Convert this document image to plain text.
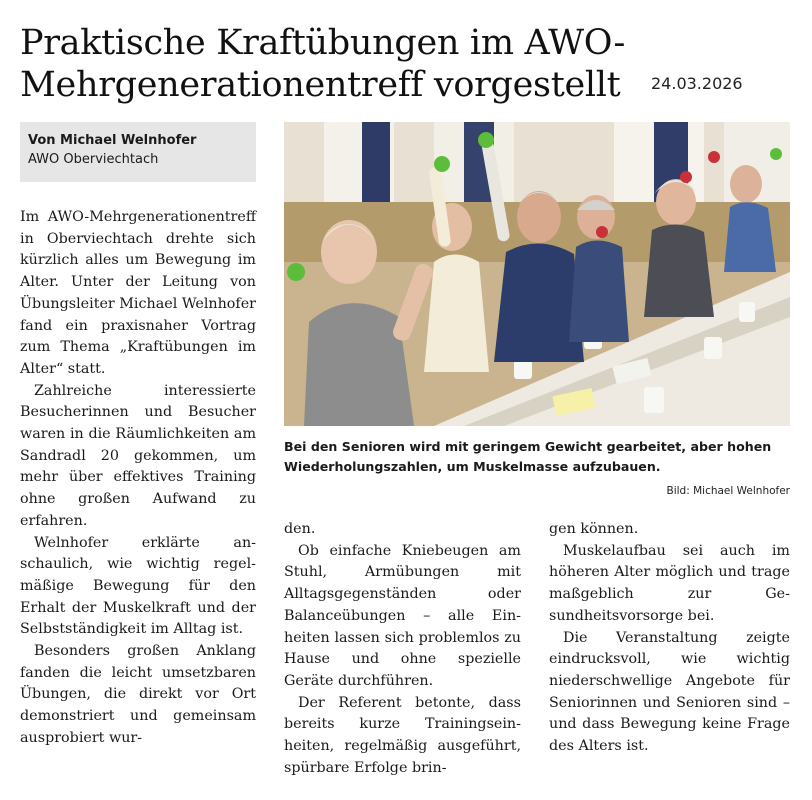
Praktische Kraftübungen im AWO-Mehrgenerationentreff vorgestellt	24.03.2026
Von Michael Welnhofer
AWO Oberviechtach

Im AWO-Mehrgenerationentreff in Oberviechtach drehte sich kürzlich alles um Bewegung im Alter. Unter der Leitung von Übungsleiter Michael Welnhofer fand ein praxisnaher Vortrag zum Thema „Kraftübungen im Alter“ statt.

Zahlreiche interessierte Besucherinnen und Besucher waren in die Räumlichkeiten am Sandradl 20 gekommen, um mehr über effektives Training ohne großen Aufwand zu erfahren.

Welnhofer erklärte anschaulich, wie wichtig regelmäßige Bewegung für den Erhalt der Muskelkraft und der Selbstständigkeit im Alltag ist.

Besonders großen Anklang fanden die leicht umsetzbaren Übungen, die direkt vor Ort demonstriert und gemeinsam ausprobiert wur-

Bei den Senioren wird mit geringem Gewicht gearbeitet, aber hohen Wiederholungszahlen, um Muskelmasse aufzubauen.
Bild: Michael Welnhofer

den.

Ob einfache Kniebeugen am Stuhl, Armübungen mit Alltagsgegenständen oder Balanceübungen – alle Einheiten lassen sich problemlos zu Hause und ohne spezielle Geräte durchführen.

Der Referent betonte, dass bereits kurze Trainingseinheiten, regelmäßig ausgeführt, spürbare Erfolge brin-

gen können.

Muskelaufbau sei auch im höheren Alter möglich und trage maßgeblich zur Gesundheitsvorsorge bei.

Die Veranstaltung zeigte eindrucksvoll, wie wichtig niederschwellige Angebote für Seniorinnen und Senioren sind – und dass Bewegung keine Frage des Alters ist.
